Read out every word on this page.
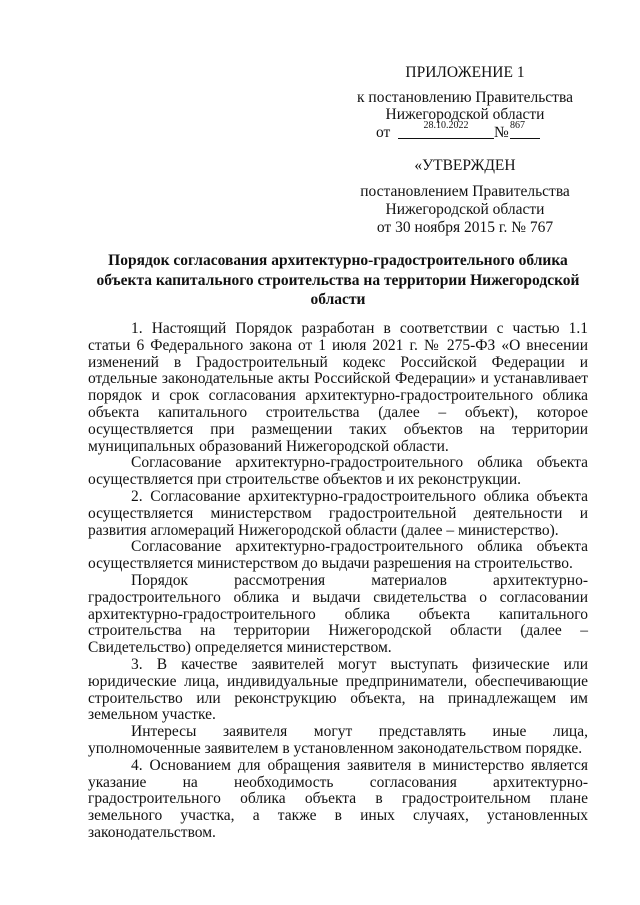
ПРИЛОЖЕНИЕ 1
к постановлению Правительства
Нижегородской области
от	28.10.2022	№ 867
«УТВЕРЖДЕН
постановлением Правительства
Нижегородской области
от 30 ноября 2015 г. № 767
Порядок согласования архитектурно-градостроительного облика объекта капитального строительства на территории Нижегородской области

1. Настоящий Порядок разработан в соответствии с частью 1.1 статьи 6 Федерального закона от 1 июля 2021 г. № 275-ФЗ «О внесении изменений в Градостроительный кодекс Российской Федерации и отдельные законодательные акты Российской Федерации» и устанавливает порядок и срок согласования архитектурно-градостроительного облика объекта капитального строительства (далее – объект), которое осуществляется при размещении таких объектов на территории муниципальных образований Нижегородской области.

Согласование архитектурно-градостроительного облика объекта осуществляется при строительстве объектов и их реконструкции.

2. Согласование архитектурно-градостроительного облика объекта осуществляется министерством градостроительной деятельности и развития агломераций Нижегородской области (далее – министерство).

Согласование архитектурно-градостроительного облика объекта осуществляется министерством до выдачи разрешения на строительство.

Порядок рассмотрения материалов архитектурно-градостроительного облика и выдачи свидетельства о согласовании архитектурно-градостроительного облика объекта капитального строительства на территории Нижегородской области (далее – Свидетельство) определяется министерством.

3. В качестве заявителей могут выступать физические или юридические лица, индивидуальные предприниматели, обеспечивающие строительство или реконструкцию объекта, на принадлежащем им земельном участке.

Интересы заявителя могут представлять иные лица, уполномоченные заявителем в установленном законодательством порядке.

4. Основанием для обращения заявителя в министерство является указание на необходимость согласования архитектурно-градостроительного облика объекта в градостроительном плане земельного участка, а также в иных случаях, установленных законодательством.
